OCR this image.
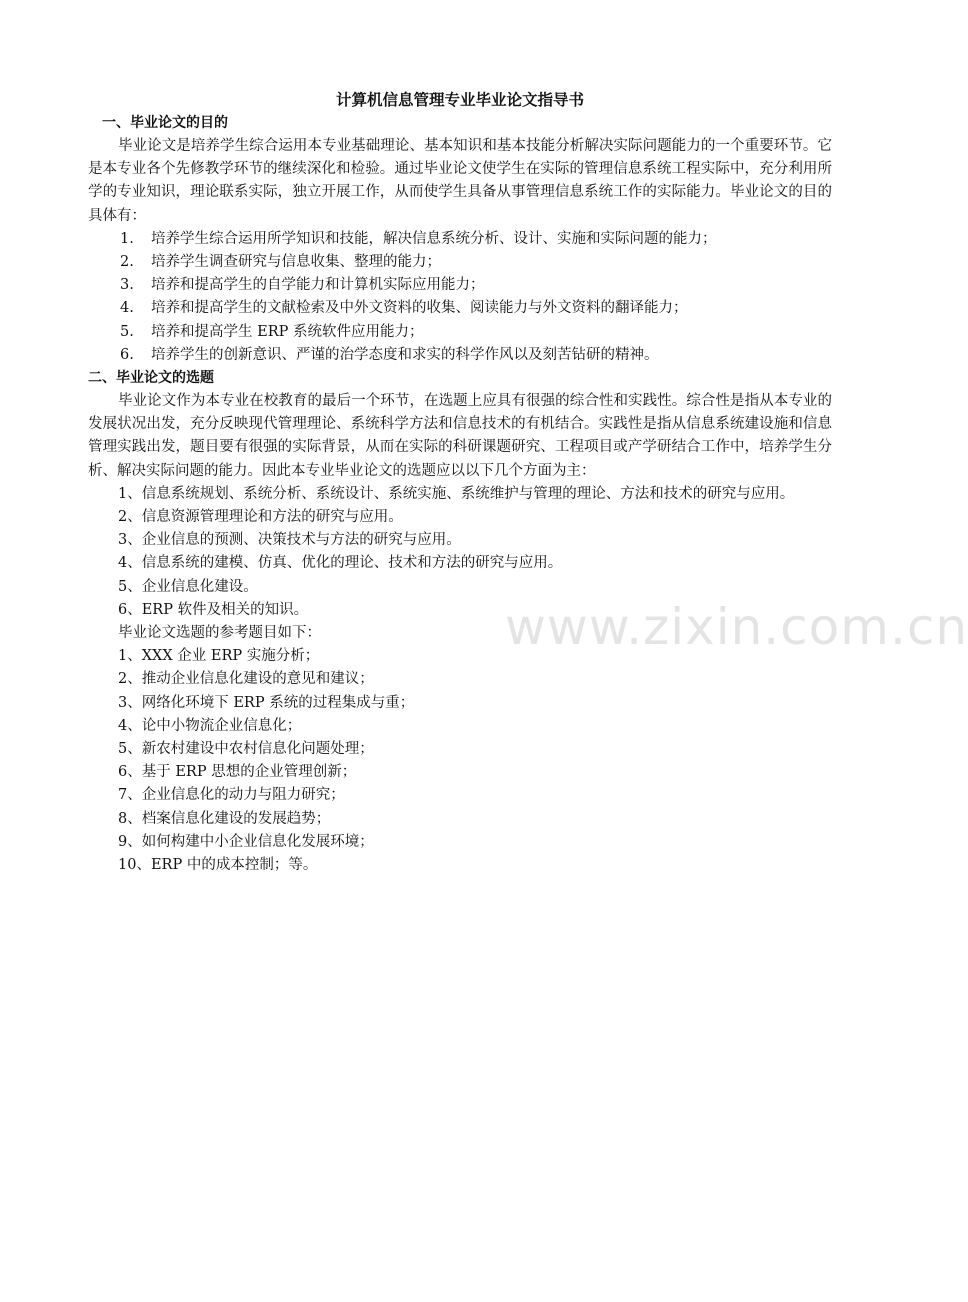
计算机信息管理专业毕业论文指导书
一、毕业论文的目的

毕业论文是培养学生综合运用本专业基础理论、基本知识和基本技能分析解决实际问题能力的一个重要环节。它是本专业各个先修教学环节的继续深化和检验。通过毕业论文使学生在实际的管理信息系统工程实际中，充分利用所学的专业知识，理论联系实际，独立开展工作，从而使学生具备从事管理信息系统工作的实际能力。毕业论文的目的具体有：

1.	培养学生综合运用所学知识和技能，解决信息系统分析、设计、实施和实际问题的能力；
2.	培养学生调查研究与信息收集、整理的能力；
3.	培养和提高学生的自学能力和计算机实际应用能力；
4.	培养和提高学生的文献检索及中外文资料的收集、阅读能力与外文资料的翻译能力；
5.	培养和提高学生 ERP 系统软件应用能力；
6.	培养学生的创新意识、严谨的治学态度和求实的科学作风以及刻苦钻研的精神。
二、毕业论文的选题

毕业论文作为本专业在校教育的最后一个环节，在选题上应具有很强的综合性和实践性。综合性是指从本专业的发展状况出发，充分反映现代管理理论、系统科学方法和信息技术的有机结合。实践性是指从信息系统建设施和信息管理实践出发，题目要有很强的实际背景，从而在实际的科研课题研究、工程项目或产学研结合工作中，培养学生分析、解决实际问题的能力。因此本专业毕业论文的选题应以以下几个方面为主：

1、信息系统规划、系统分析、系统设计、系统实施、系统维护与管理的理论、方法和技术的研究与应用。

2、信息资源管理理论和方法的研究与应用。

3、企业信息的预测、决策技术与方法的研究与应用。

4、信息系统的建模、仿真、优化的理论、技术和方法的研究与应用。

5、企业信息化建设。

6、ERP 软件及相关的知识。

毕业论文选题的参考题目如下：

1、XXX 企业 ERP 实施分析；

2、推动企业信息化建设的意见和建议；

3、网络化环境下 ERP 系统的过程集成与重；

4、论中小物流企业信息化；

5、新农村建设中农村信息化问题处理；

6、基于 ERP 思想的企业管理创新；

7、企业信息化的动力与阻力研究；

8、档案信息化建设的发展趋势；

9、如何构建中小企业信息化发展环境；

10、ERP 中的成本控制；等。

www.zixin.com.cn
